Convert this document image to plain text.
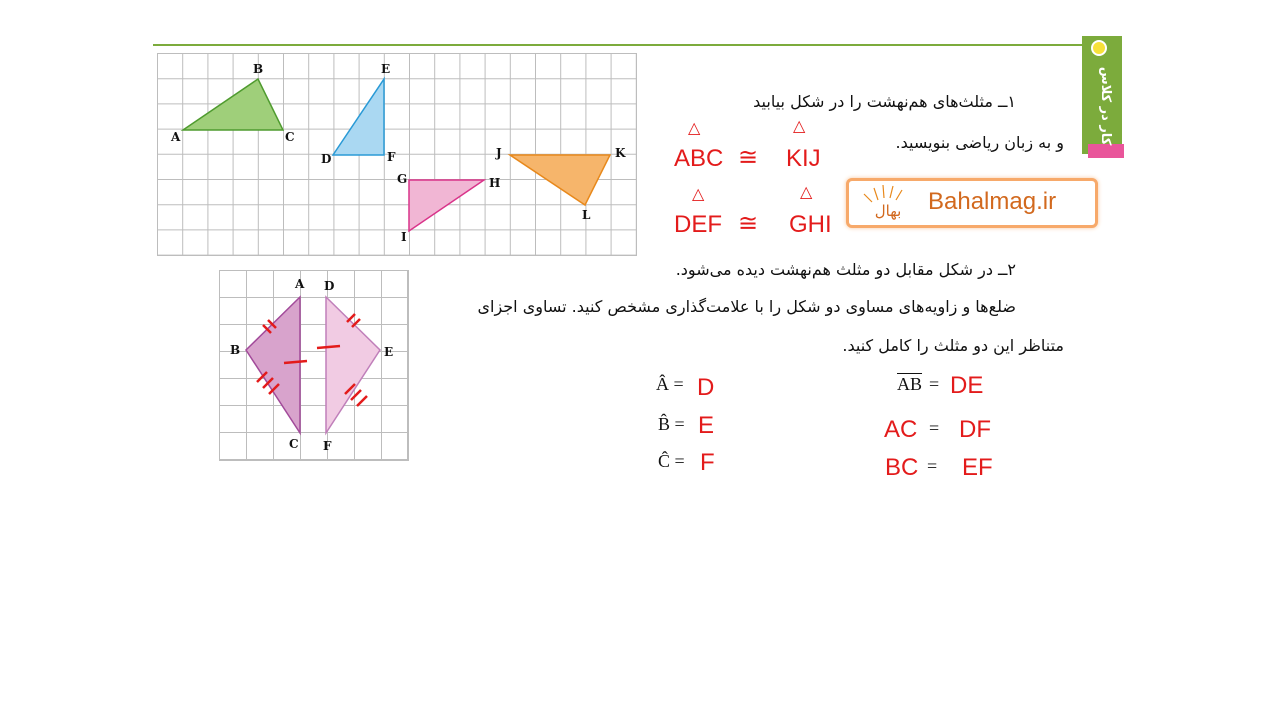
کار در کلاس
A
B
C
D
E
F
G	H
I
J	K
L
۱ــ مثلث‌های هم‌نهشت را در شکل بیابید
و به زبان ریاضی بنویسید.
△	△
ABC ≅ KIJ
△	△
DEF ≅ GHI	بهال Bahalmag.ir
۲ــ در شکل مقابل دو مثلث هم‌نهشت دیده می‌شود.
ضلع‌ها و زاویه‌های مساوی دو شکل را با علامت‌گذاری مشخص کنید. تساوی اجزای
متناظر این دو مثلث را کامل کنید.
A D
B	E
C F
Â = D
B̂ = E
Ĉ = F
$\overline{AB}$ = DE
AC = DF
BC = EF
